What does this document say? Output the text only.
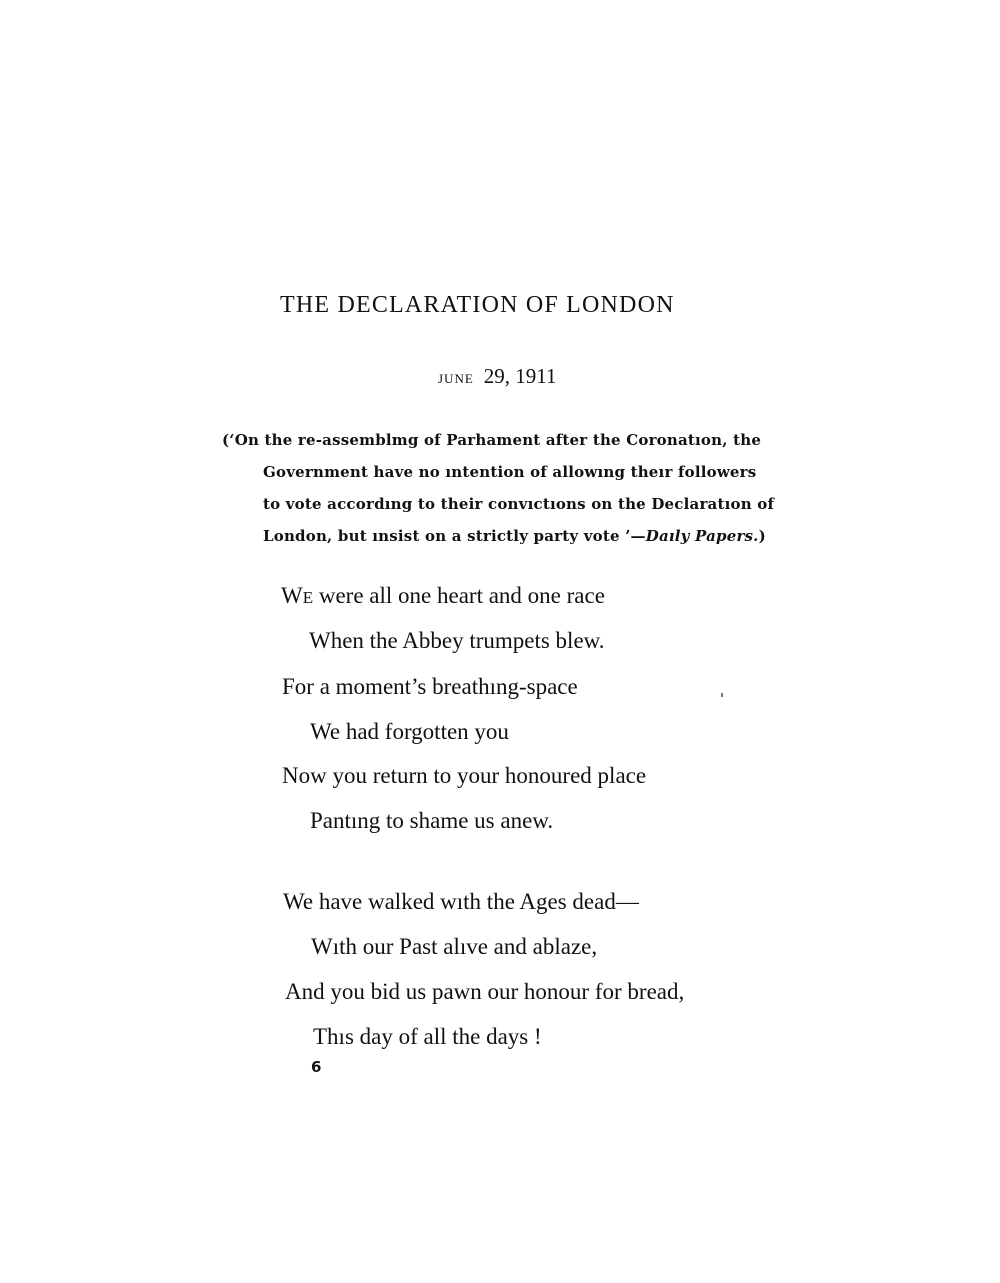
THE DECLARATION OF LONDON
JUNE 29, 1911
(‘On the re-assemblmg of Parhament after the Coronatıon, the
Government have no ıntention of allowıng theır followers
to vote accordıng to their convıctıons on the Declaratıon of
London, but ınsist on a strictly party vote ’—Daıly Papers.)
WE were all one heart and one race
When the Abbey trumpets blew.
For a moment’s breathıng-space
We had forgotten you
Now you return to your honoured place
Pantıng to shame us anew.
We have walked wıth the Ages dead—
Wıth our Past alıve and ablaze,
And you bid us pawn our honour for bread,
Thıs day of all the days !
6
